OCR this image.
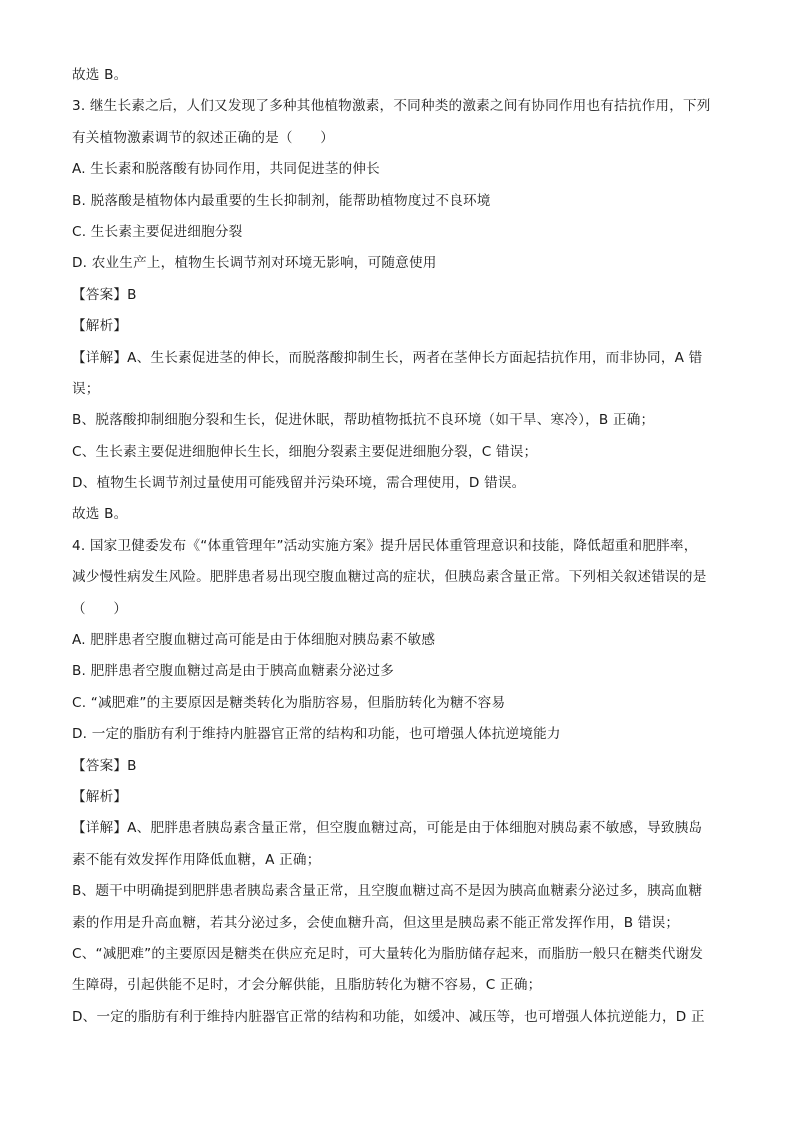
故选 B。
3. 继生长素之后，人们又发现了多种其他植物激素，不同种类的激素之间有协同作用也有拮抗作用，下列
有关植物激素调节的叙述正确的是（　　）
A. 生长素和脱落酸有协同作用，共同促进茎的伸长
B. 脱落酸是植物体内最重要的生长抑制剂，能帮助植物度过不良环境
C. 生长素主要促进细胞分裂
D. 农业生产上，植物生长调节剂对环境无影响，可随意使用
【答案】B
【解析】
【详解】A、生长素促进茎的伸长，而脱落酸抑制生长，两者在茎伸长方面起拮抗作用，而非协同，A 错
误；
B、脱落酸抑制细胞分裂和生长，促进休眠，帮助植物抵抗不良环境（如干旱、寒冷），B 正确；
C、生长素主要促进细胞伸长生长，细胞分裂素主要促进细胞分裂，C 错误；
D、植物生长调节剂过量使用可能残留并污染环境，需合理使用，D 错误。
故选 B。
4. 国家卫健委发布《“体重管理年”活动实施方案》提升居民体重管理意识和技能，降低超重和肥胖率，
减少慢性病发生风险。肥胖患者易出现空腹血糖过高的症状，但胰岛素含量正常。下列相关叙述错误的是
（　　）
A. 肥胖患者空腹血糖过高可能是由于体细胞对胰岛素不敏感
B. 肥胖患者空腹血糖过高是由于胰高血糖素分泌过多
C. “减肥难”的主要原因是糖类转化为脂肪容易，但脂肪转化为糖不容易
D. 一定的脂肪有利于维持内脏器官正常的结构和功能，也可增强人体抗逆境能力
【答案】B
【解析】
【详解】A、肥胖患者胰岛素含量正常，但空腹血糖过高，可能是由于体细胞对胰岛素不敏感，导致胰岛
素不能有效发挥作用降低血糖，A 正确；
B、题干中明确提到肥胖患者胰岛素含量正常，且空腹血糖过高不是因为胰高血糖素分泌过多，胰高血糖
素的作用是升高血糖，若其分泌过多，会使血糖升高，但这里是胰岛素不能正常发挥作用，B 错误；
C、“减肥难”的主要原因是糖类在供应充足时，可大量转化为脂肪储存起来，而脂肪一般只在糖类代谢发
生障碍，引起供能不足时，才会分解供能，且脂肪转化为糖不容易，C 正确；
D、一定的脂肪有利于维持内脏器官正常的结构和功能，如缓冲、减压等，也可增强人体抗逆能力，D 正
